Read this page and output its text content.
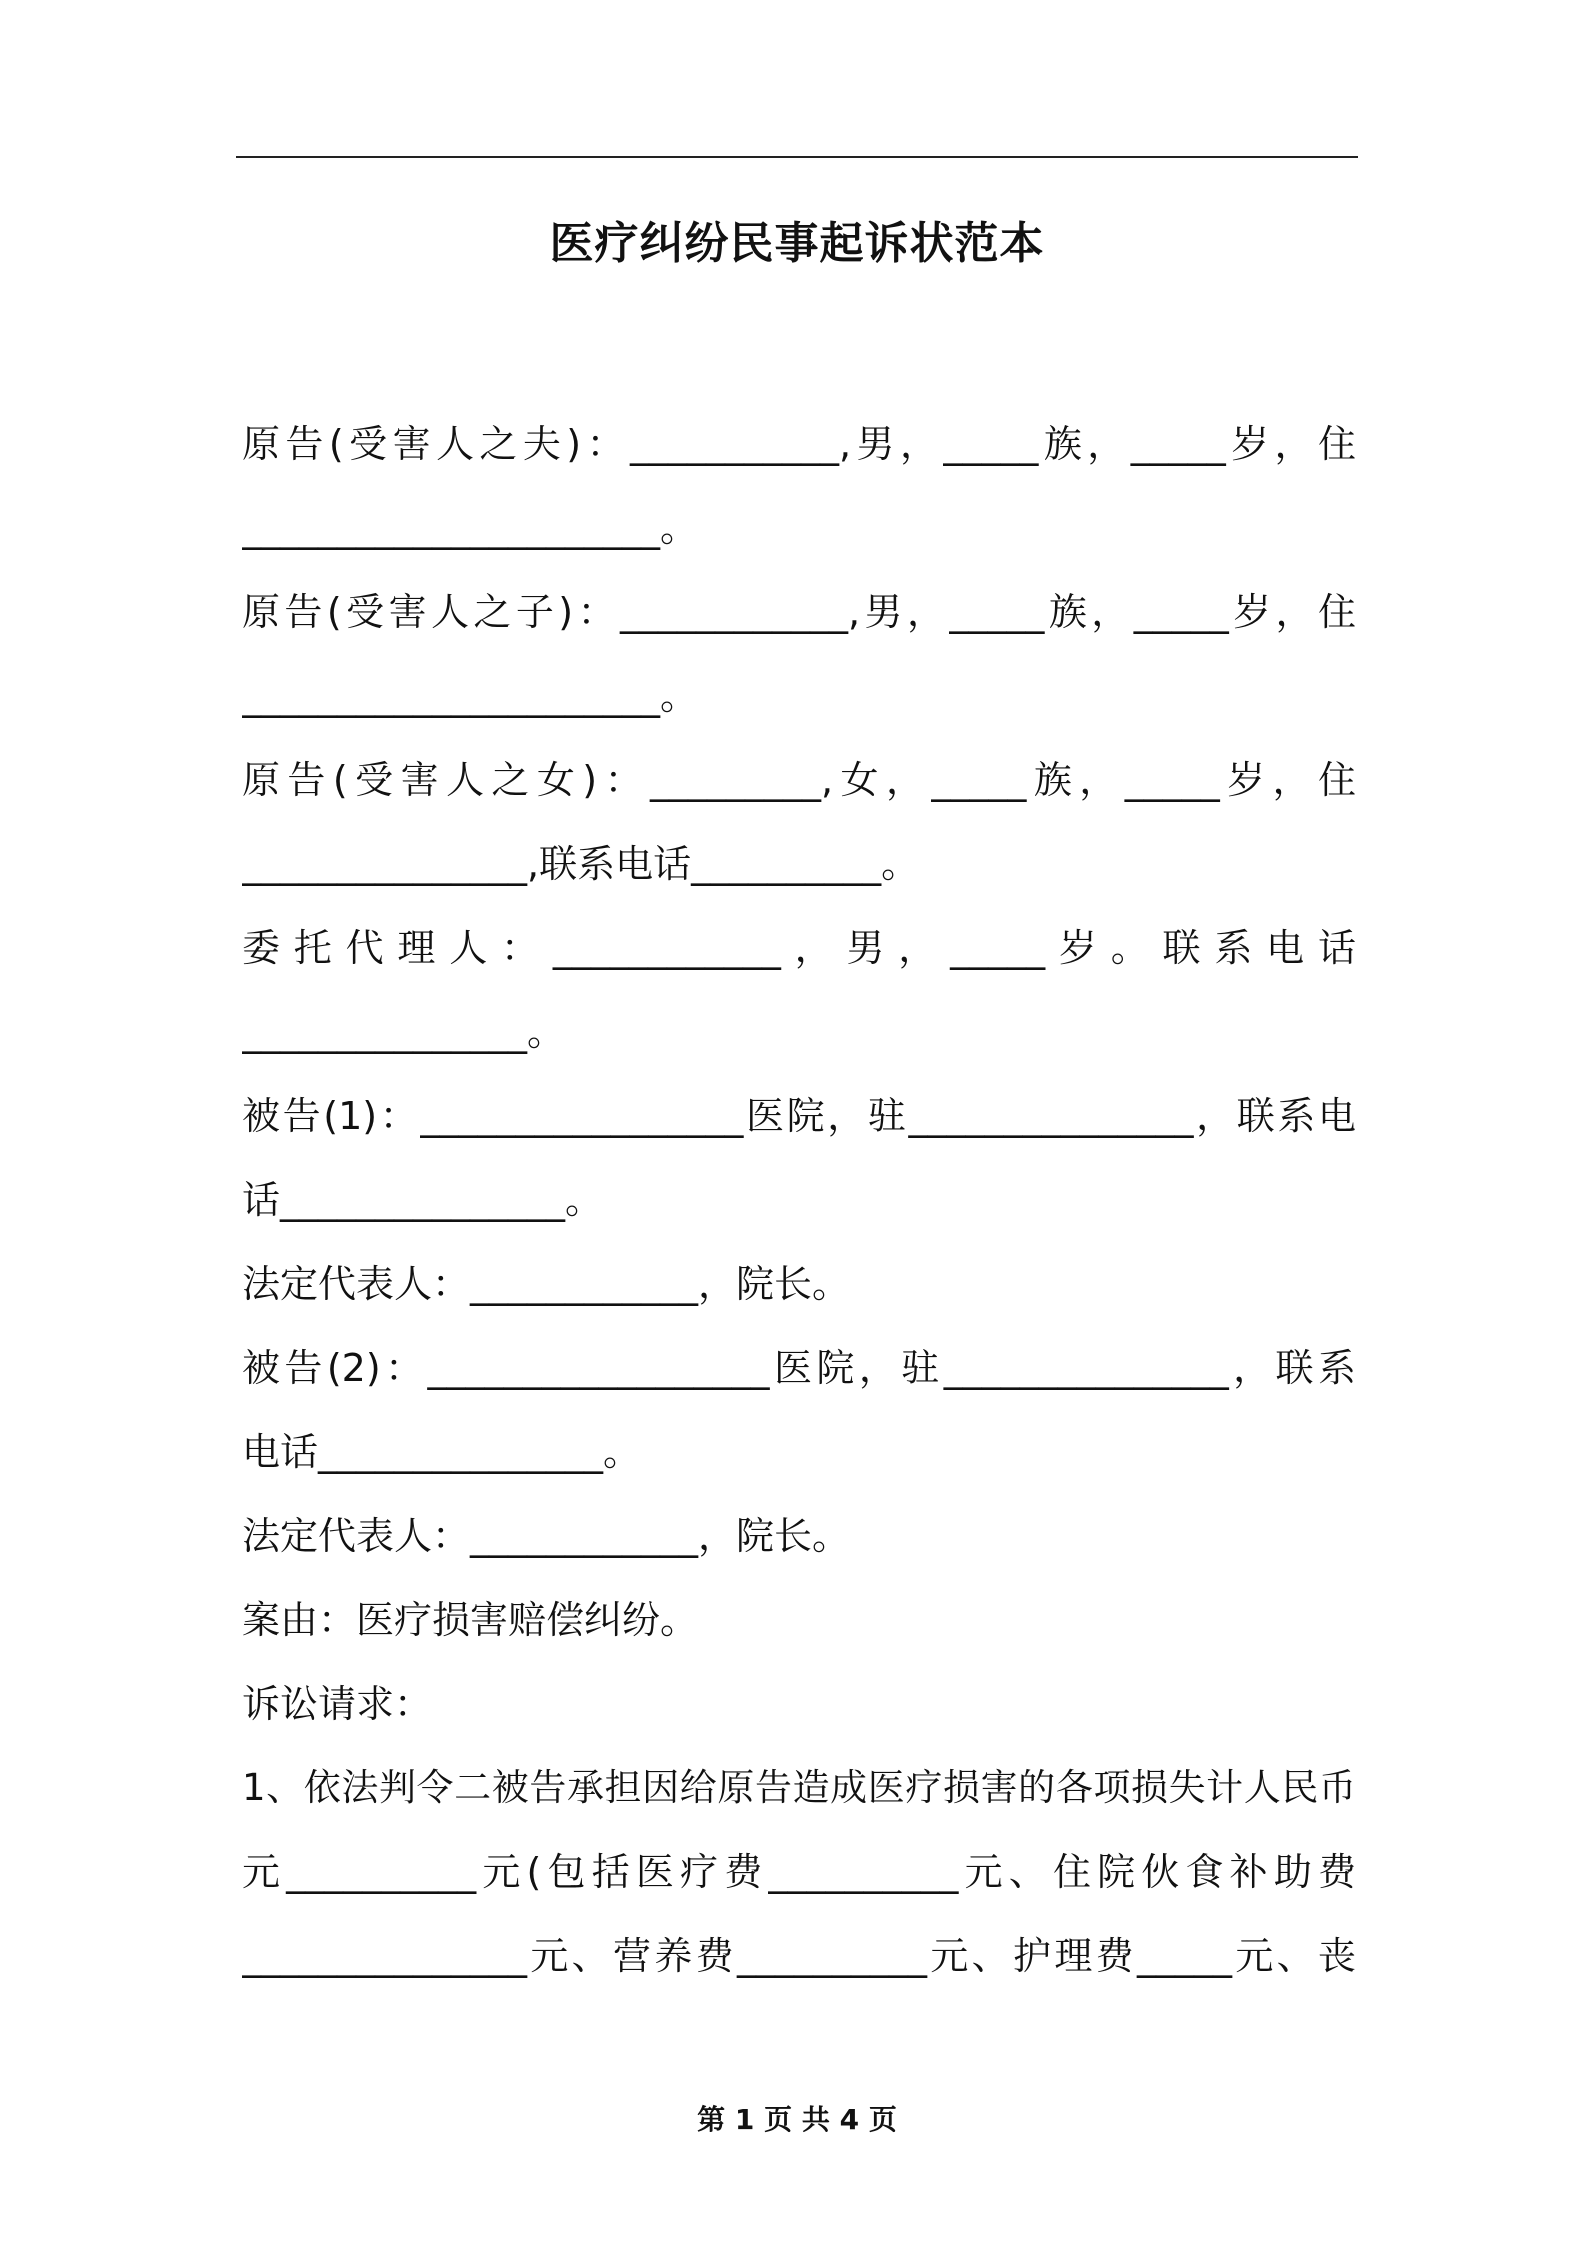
医疗纠纷民事起诉状范本
原告(受害人之夫)：___________,男，_____族，_____岁，住
______________________。
原告(受害人之子)：____________,男，_____族，_____岁，住
______________________。
原告(受害人之女)：_________,女，_____族，_____岁，住
_______________,联系电话__________。
委托代理人：____________，男，_____岁。联系电话
_______________。
被告(1)：_________________医院，驻_______________，联系电
话_______________。
法定代表人：____________，院长。
被告(2)：__________________医院，驻_______________，联系
电话_______________。
法定代表人：____________，院长。
案由：医疗损害赔偿纠纷。
诉讼请求：
1、依法判令二被告承担因给原告造成医疗损害的各项损失计人民币
元__________元(包括医疗费__________元、住院伙食补助费
_______________元、营养费__________元、护理费_____元、丧
第 1 页 共 4 页
